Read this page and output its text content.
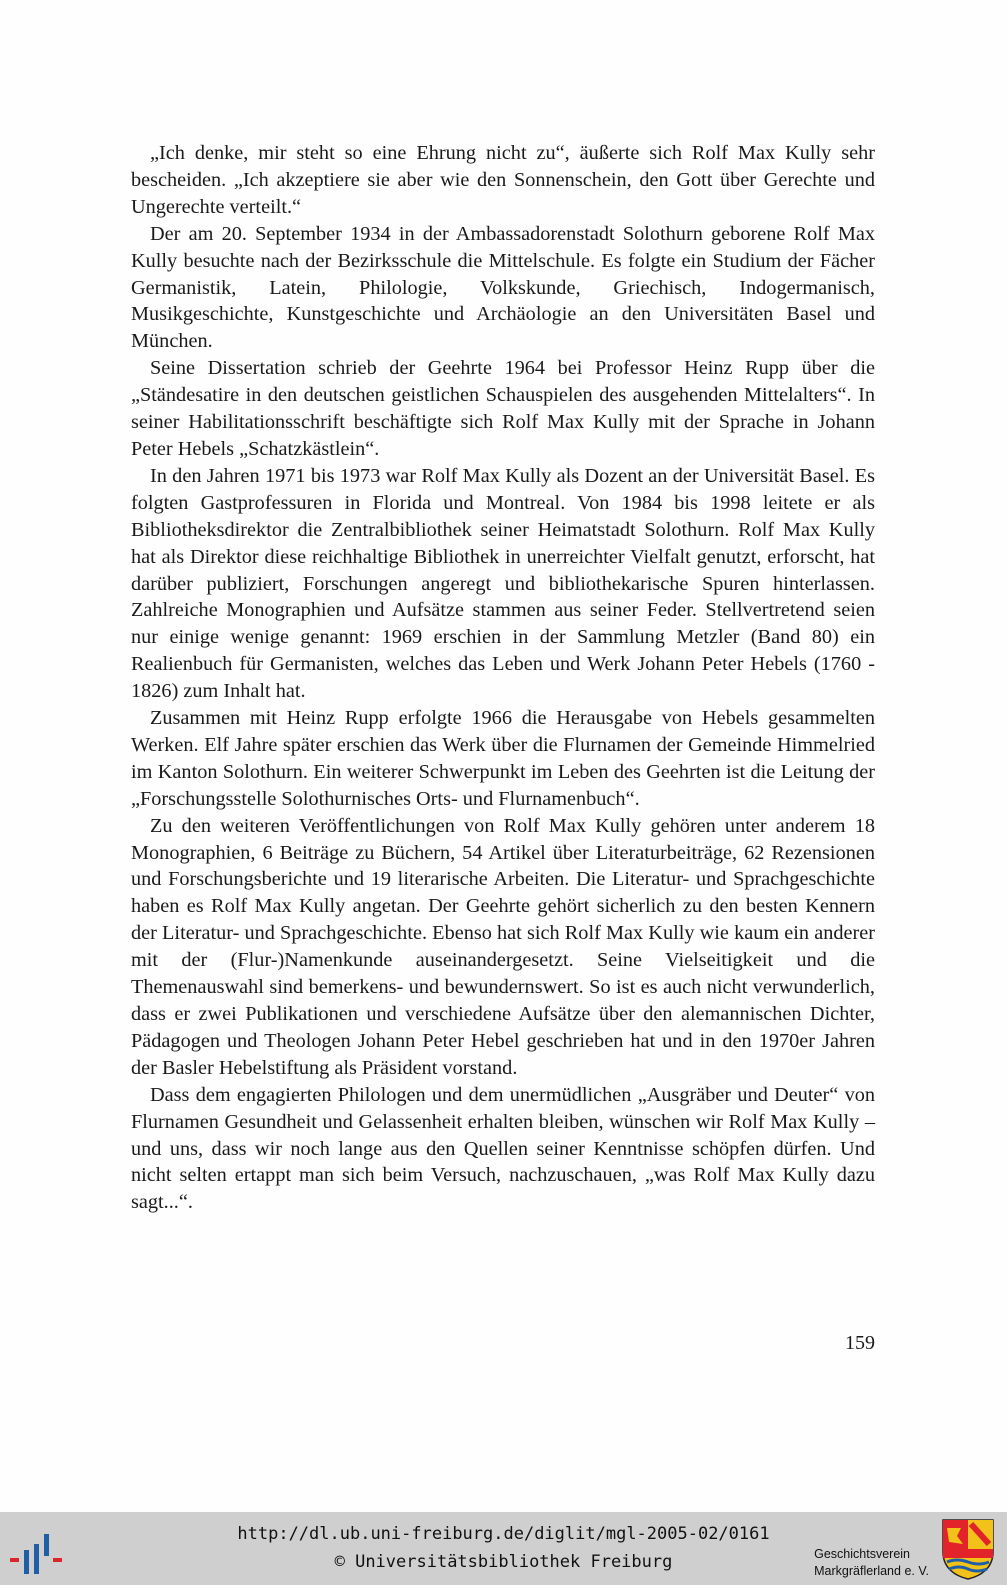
„Ich denke, mir steht so eine Ehrung nicht zu“, äußerte sich Rolf Max Kully sehr bescheiden. „Ich akzeptiere sie aber wie den Sonnenschein, den Gott über Gerechte und Ungerechte verteilt.“

Der am 20. September 1934 in der Ambassadorenstadt Solothurn geborene Rolf Max Kully besuchte nach der Bezirksschule die Mittelschule. Es folgte ein Studium der Fächer Germanistik, Latein, Philologie, Volkskunde, Griechisch, Indogermanisch, Musikgeschichte, Kunstgeschichte und Archäologie an den Universitäten Basel und München.

Seine Dissertation schrieb der Geehrte 1964 bei Professor Heinz Rupp über die „Ständesatire in den deutschen geistlichen Schauspielen des ausgehenden Mittelalters“. In seiner Habilitationsschrift beschäftigte sich Rolf Max Kully mit der Sprache in Johann Peter Hebels „Schatzkästlein“.

In den Jahren 1971 bis 1973 war Rolf Max Kully als Dozent an der Universität Basel. Es folgten Gastprofessuren in Florida und Montreal. Von 1984 bis 1998 leitete er als Bibliotheksdirektor die Zentralbibliothek seiner Heimatstadt Solothurn. Rolf Max Kully hat als Direktor diese reichhaltige Bibliothek in unerreichter Vielfalt genutzt, erforscht, hat darüber publiziert, Forschungen angeregt und bibliothekarische Spuren hinterlassen. Zahlreiche Monographien und Aufsätze stammen aus seiner Feder. Stellvertretend seien nur einige wenige genannt: 1969 erschien in der Sammlung Metzler (Band 80) ein Realienbuch für Germanisten, welches das Leben und Werk Johann Peter Hebels (1760 - 1826) zum Inhalt hat.

Zusammen mit Heinz Rupp erfolgte 1966 die Herausgabe von Hebels gesammelten Werken. Elf Jahre später erschien das Werk über die Flurnamen der Gemeinde Himmelried im Kanton Solothurn. Ein weiterer Schwerpunkt im Leben des Geehrten ist die Leitung der „Forschungsstelle Solothurnisches Orts- und Flurnamenbuch“.

Zu den weiteren Veröffentlichungen von Rolf Max Kully gehören unter anderem 18 Monographien, 6 Beiträge zu Büchern, 54 Artikel über Literaturbeiträge, 62 Rezensionen und Forschungsberichte und 19 literarische Arbeiten. Die Literatur- und Sprachgeschichte haben es Rolf Max Kully angetan. Der Geehrte gehört sicherlich zu den besten Kennern der Literatur- und Sprachgeschichte. Ebenso hat sich Rolf Max Kully wie kaum ein anderer mit der (Flur-)Namenkunde auseinandergesetzt. Seine Vielseitigkeit und die Themenauswahl sind bemerkens- und bewundernswert. So ist es auch nicht verwunderlich, dass er zwei Publikationen und verschiedene Aufsätze über den alemannischen Dichter, Pädagogen und Theologen Johann Peter Hebel geschrieben hat und in den 1970er Jahren der Basler Hebelstiftung als Präsident vorstand.

Dass dem engagierten Philologen und dem unermüdlichen „Ausgräber und Deuter“ von Flurnamen Gesundheit und Gelassenheit erhalten bleiben, wünschen wir Rolf Max Kully – und uns, dass wir noch lange aus den Quellen seiner Kenntnisse schöpfen dürfen. Und nicht selten ertappt man sich beim Versuch, nachzuschauen, „was Rolf Max Kully dazu sagt...“.

159
http://dl.ub.uni-freiburg.de/diglit/mgl-2005-02/0161
© Universitätsbibliothek Freiburg	Geschichtsverein
Markgräflerland e. V.
